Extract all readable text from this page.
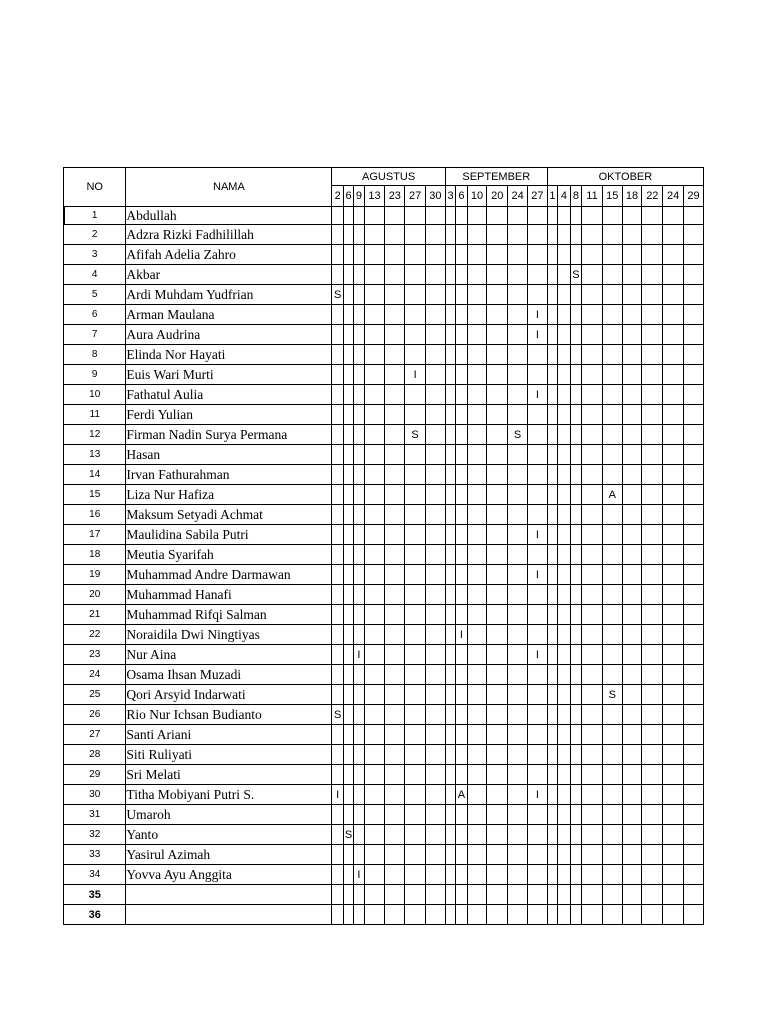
NO	NAMA	AGUSTUS							SEPTEMBER						OKTOBER								
		2	6	9	13	23	27	30	3	6	10	20	24	27	1	4	8	11	15	18	22	24	29
1	Abdullah																						
2	Adzra Rizki Fadhilillah																						
3	Afifah Adelia Zahro																						
4	Akbar																S						
5	Ardi Muhdam Yudfrian	S																					
6	Arman Maulana													I									
7	Aura Audrina													I									
8	Elinda Nor Hayati																						
9	Euis Wari Murti						I																
10	Fathatul Aulia													I									
11	Ferdi Yulian																						
12	Firman Nadin Surya Permana						S						S										
13	Hasan																						
14	Irvan Fathurahman																						
15	Liza Nur Hafiza																		A				
16	Maksum Setyadi Achmat																						
17	Maulidina Sabila Putri													I									
18	Meutia Syarifah																						
19	Muhammad Andre Darmawan													I									
20	Muhammad Hanafi																						
21	Muhammad Rifqi Salman																						
22	Noraidila Dwi Ningtiyas									I													
23	Nur Aina			I										I									
24	Osama Ihsan Muzadi																						
25	Qori Arsyid Indarwati																		S				
26	Rio Nur Ichsan Budianto	S																					
27	Santi Ariani																						
28	Siti Ruliyati																						
29	Sri Melati																						
30	Titha Mobiyani Putri S.	I								A				I									
31	Umaroh																						
32	Yanto		S																				
33	Yasirul Azimah																						
34	Yovva Ayu Anggita			I																			
35																							
36																							
